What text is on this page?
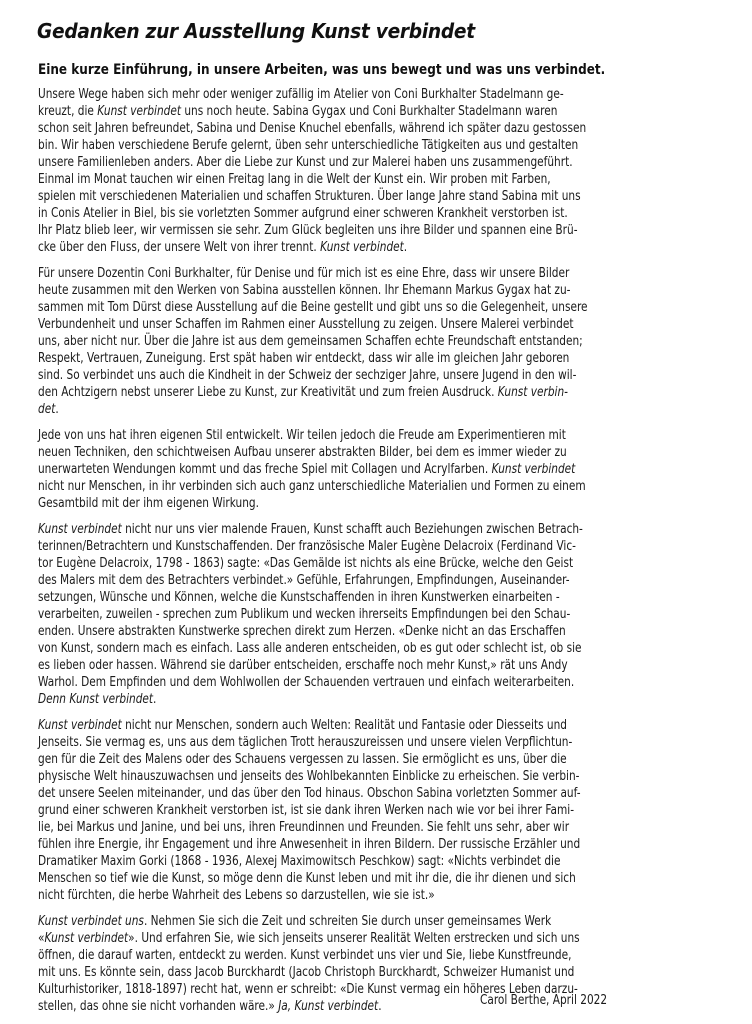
Gedanken zur Ausstellung Kunst verbindet
Eine kurze Einführung, in unsere Arbeiten, was uns bewegt und was uns verbindet.
Unsere Wege haben sich mehr oder weniger zufällig im Atelier von Coni Burkhalter Stadelmann ge-
kreuzt, die Kunst verbindet uns noch heute. Sabina Gygax und Coni Burkhalter Stadelmann waren
schon seit Jahren befreundet, Sabina und Denise Knuchel ebenfalls, während ich später dazu gestossen
bin. Wir haben verschiedene Berufe gelernt, üben sehr unterschiedliche Tätigkeiten aus und gestalten
unsere Familienleben anders. Aber die Liebe zur Kunst und zur Malerei haben uns zusammengeführt.
Einmal im Monat tauchen wir einen Freitag lang in die Welt der Kunst ein. Wir proben mit Farben,
spielen mit verschiedenen Materialien und schaffen Strukturen. Über lange Jahre stand Sabina mit uns
in Conis Atelier in Biel, bis sie vorletzten Sommer aufgrund einer schweren Krankheit verstorben ist.
Ihr Platz blieb leer, wir vermissen sie sehr. Zum Glück begleiten uns ihre Bilder und spannen eine Brü-
cke über den Fluss, der unsere Welt von ihrer trennt. Kunst verbindet.
Für unsere Dozentin Coni Burkhalter, für Denise und für mich ist es eine Ehre, dass wir unsere Bilder
heute zusammen mit den Werken von Sabina ausstellen können. Ihr Ehemann Markus Gygax hat zu-
sammen mit Tom Dürst diese Ausstellung auf die Beine gestellt und gibt uns so die Gelegenheit, unsere
Verbundenheit und unser Schaffen im Rahmen einer Ausstellung zu zeigen. Unsere Malerei verbindet
uns, aber nicht nur. Über die Jahre ist aus dem gemeinsamen Schaffen echte Freundschaft entstanden;
Respekt, Vertrauen, Zuneigung. Erst spät haben wir entdeckt, dass wir alle im gleichen Jahr geboren
sind. So verbindet uns auch die Kindheit in der Schweiz der sechziger Jahre, unsere Jugend in den wil-
den Achtzigern nebst unserer Liebe zu Kunst, zur Kreativität und zum freien Ausdruck. Kunst verbin-
det.
Jede von uns hat ihren eigenen Stil entwickelt. Wir teilen jedoch die Freude am Experimentieren mit
neuen Techniken, den schichtweisen Aufbau unserer abstrakten Bilder, bei dem es immer wieder zu
unerwarteten Wendungen kommt und das freche Spiel mit Collagen und Acrylfarben. Kunst verbindet
nicht nur Menschen, in ihr verbinden sich auch ganz unterschiedliche Materialien und Formen zu einem
Gesamtbild mit der ihm eigenen Wirkung.
Kunst verbindet nicht nur uns vier malende Frauen, Kunst schafft auch Beziehungen zwischen Betrach-
terinnen/Betrachtern und Kunstschaffenden. Der französische Maler Eugène Delacroix (Ferdinand Vic-
tor Eugène Delacroix, 1798 - 1863) sagte: «Das Gemälde ist nichts als eine Brücke, welche den Geist
des Malers mit dem des Betrachters verbindet.» Gefühle, Erfahrungen, Empfindungen, Auseinander-
setzungen, Wünsche und Können, welche die Kunstschaffenden in ihren Kunstwerken einarbeiten -
verarbeiten, zuweilen - sprechen zum Publikum und wecken ihrerseits Empfindungen bei den Schau-
enden. Unsere abstrakten Kunstwerke sprechen direkt zum Herzen. «Denke nicht an das Erschaffen
von Kunst, sondern mach es einfach. Lass alle anderen entscheiden, ob es gut oder schlecht ist, ob sie
es lieben oder hassen. Während sie darüber entscheiden, erschaffe noch mehr Kunst,» rät uns Andy
Warhol. Dem Empfinden und dem Wohlwollen der Schauenden vertrauen und einfach weiterarbeiten.
Denn Kunst verbindet.
Kunst verbindet nicht nur Menschen, sondern auch Welten: Realität und Fantasie oder Diesseits und
Jenseits. Sie vermag es, uns aus dem täglichen Trott herauszureissen und unsere vielen Verpflichtun-
gen für die Zeit des Malens oder des Schauens vergessen zu lassen. Sie ermöglicht es uns, über die
physische Welt hinauszuwachsen und jenseits des Wohlbekannten Einblicke zu erheischen. Sie verbin-
det unsere Seelen miteinander, und das über den Tod hinaus. Obschon Sabina vorletzten Sommer auf-
grund einer schweren Krankheit verstorben ist, ist sie dank ihren Werken nach wie vor bei ihrer Fami-
lie, bei Markus und Janine, und bei uns, ihren Freundinnen und Freunden. Sie fehlt uns sehr, aber wir
fühlen ihre Energie, ihr Engagement und ihre Anwesenheit in ihren Bildern. Der russische Erzähler und
Dramatiker Maxim Gorki (1868 - 1936, Alexej Maximowitsch Peschkow) sagt: «Nichts verbindet die
Menschen so tief wie die Kunst, so möge denn die Kunst leben und mit ihr die, die ihr dienen und sich
nicht fürchten, die herbe Wahrheit des Lebens so darzustellen, wie sie ist.»
Kunst verbindet uns. Nehmen Sie sich die Zeit und schreiten Sie durch unser gemeinsames Werk
«Kunst verbindet». Und erfahren Sie, wie sich jenseits unserer Realität Welten erstrecken und sich uns
öffnen, die darauf warten, entdeckt zu werden. Kunst verbindet uns vier und Sie, liebe Kunstfreunde,
mit uns. Es könnte sein, dass Jacob Burckhardt (Jacob Christoph Burckhardt, Schweizer Humanist und
Kulturhistoriker, 1818-1897) recht hat, wenn er schreibt: «Die Kunst vermag ein höheres Leben darzu-
stellen, das ohne sie nicht vorhanden wäre.» Ja, Kunst verbindet.	Carol Berthe, April 2022
